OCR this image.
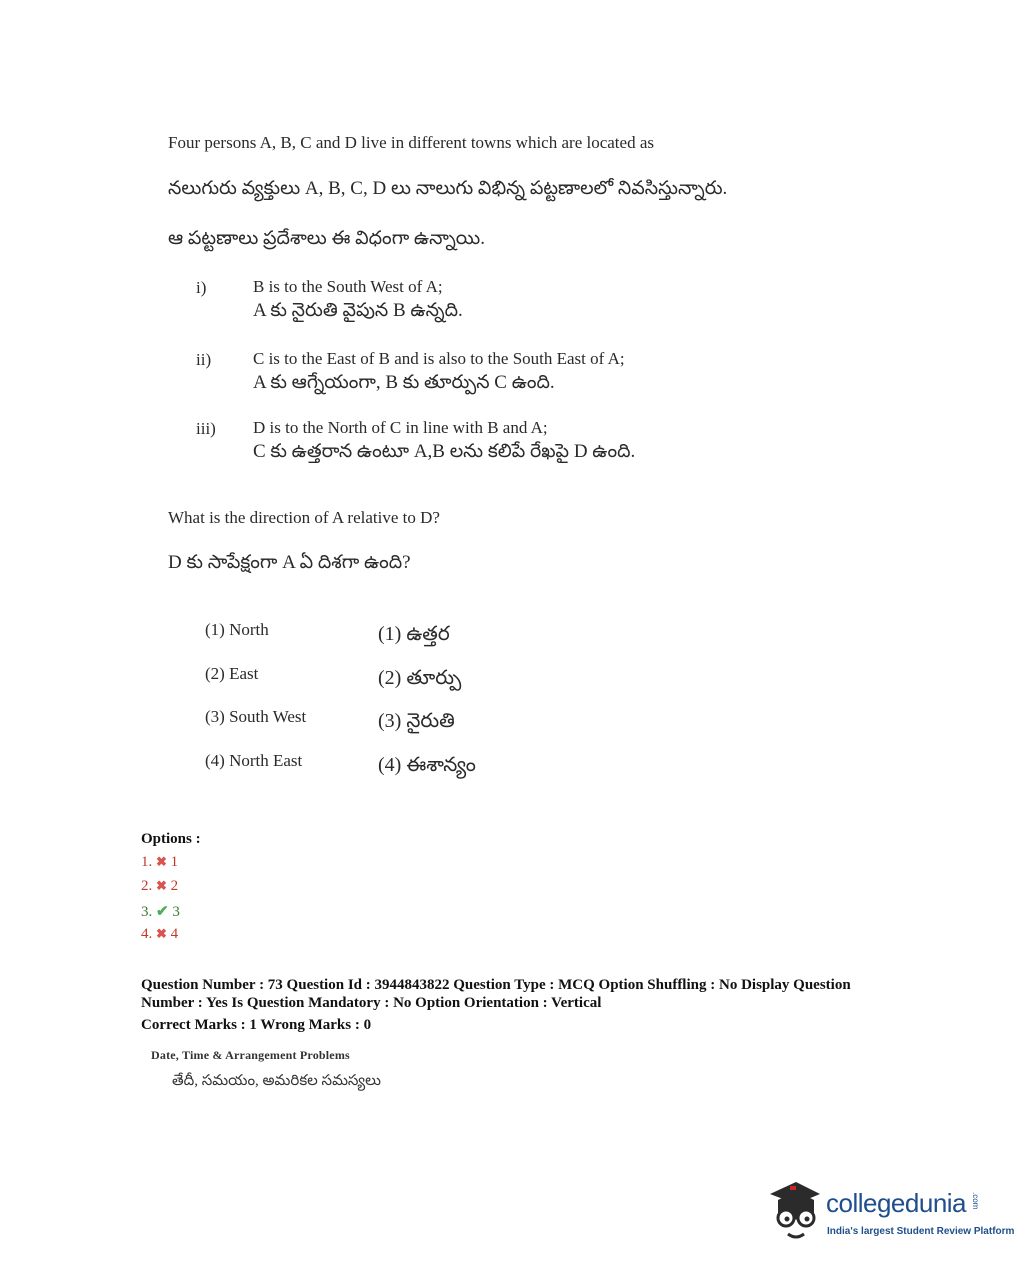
Four persons A, B, C and D live in different towns which are located as
నలుగురు వ్యక్తులు A, B, C, D లు నాలుగు విభిన్న పట్టణాలలో నివసిస్తున్నారు.
ఆ పట్టణాలు ప్రదేశాలు ఈ విధంగా ఉన్నాయి.
i)	B is to the South West of A;
A కు నైరుతి వైపున B ఉన్నది.
ii) C is to the East of B and is also to the South East of A;
A కు ఆగ్నేయంగా, B కు తూర్పున C ఉంది.
iii) D is to the North of C in line with B and A;
C కు ఉత్తరాన ఉంటూ A,B లను కలిపే రేఖపై D ఉంది.
What is the direction of A relative to D?
D కు సాపేక్షంగా A ఏ దిశగా ఉంది?
(1) North	(1) ఉత్తర
(2) East	(2) తూర్పు
(3) South West	(3) నైరుతి
(4) North East	(4) ఈశాన్యం
Options :
1. ✖ 1
2. ✖ 2
3. ✔ 3
4. ✖ 4
Question Number : 73 Question Id : 3944843822 Question Type : MCQ Option Shuffling : No Display Question
Number : Yes Is Question Mandatory : No Option Orientation : Vertical
Correct Marks : 1 Wrong Marks : 0
Date, Time & Arrangement Problems
తేదీ, సమయం, అమరికల సమస్యలు
collegedunia .com
India's largest Student Review Platform
